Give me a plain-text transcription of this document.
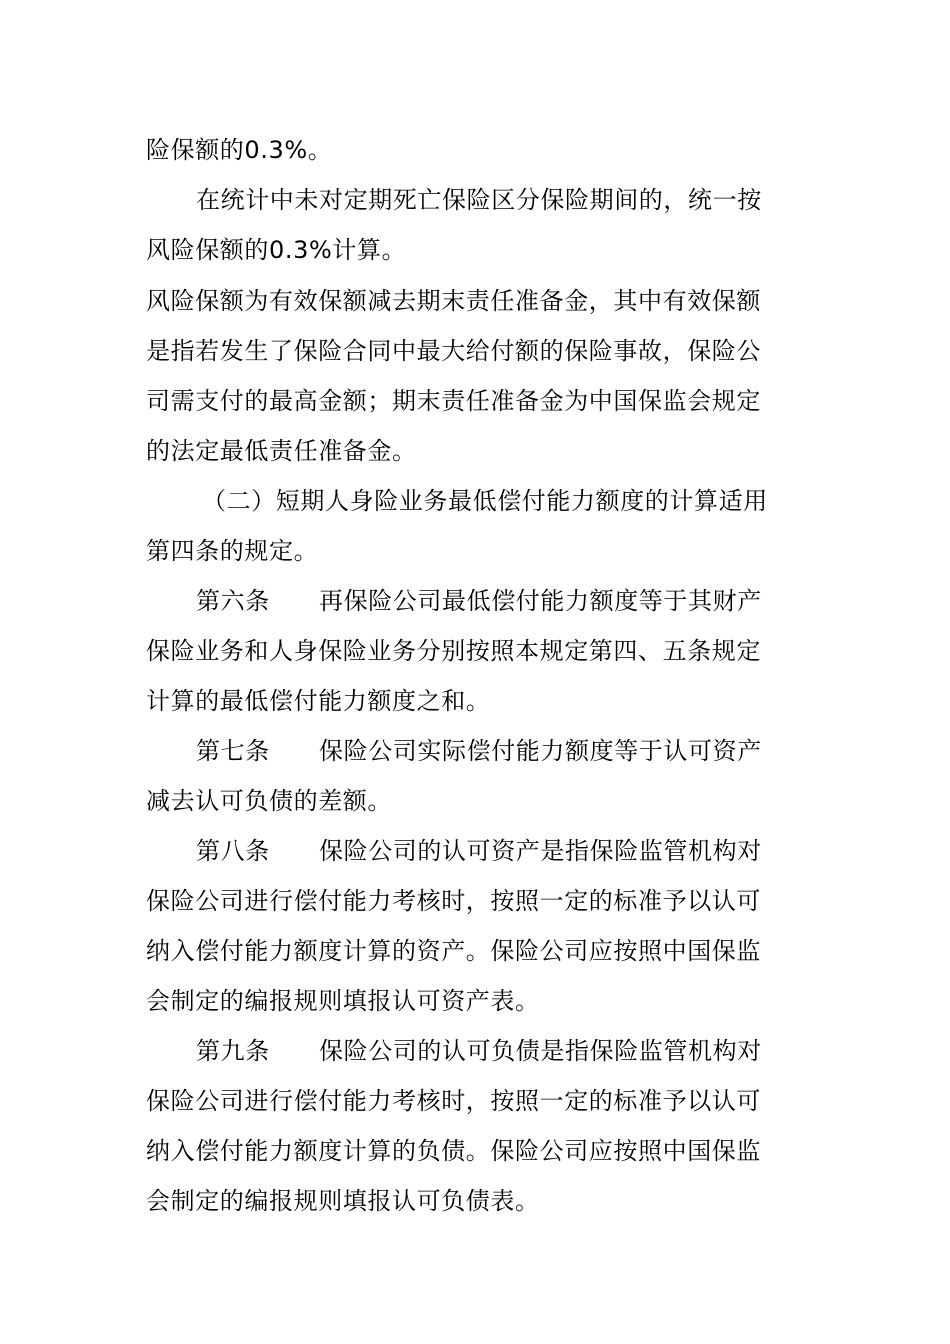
险保额的0.3%。
在统计中未对定期死亡保险区分保险期间的，统一按
风险保额的0.3%计算。
风险保额为有效保额减去期末责任准备金，其中有效保额
是指若发生了保险合同中最大给付额的保险事故，保险公
司需支付的最高金额；期末责任准备金为中国保监会规定
的法定最低责任准备金。
（二）短期人身险业务最低偿付能力额度的计算适用
第四条的规定。
第六条　　再保险公司最低偿付能力额度等于其财产
保险业务和人身保险业务分别按照本规定第四、五条规定
计算的最低偿付能力额度之和。
第七条　　保险公司实际偿付能力额度等于认可资产
减去认可负债的差额。
第八条　　保险公司的认可资产是指保险监管机构对
保险公司进行偿付能力考核时，按照一定的标准予以认可
纳入偿付能力额度计算的资产。保险公司应按照中国保监
会制定的编报规则填报认可资产表。
第九条　　保险公司的认可负债是指保险监管机构对
保险公司进行偿付能力考核时，按照一定的标准予以认可
纳入偿付能力额度计算的负债。保险公司应按照中国保监
会制定的编报规则填报认可负债表。
